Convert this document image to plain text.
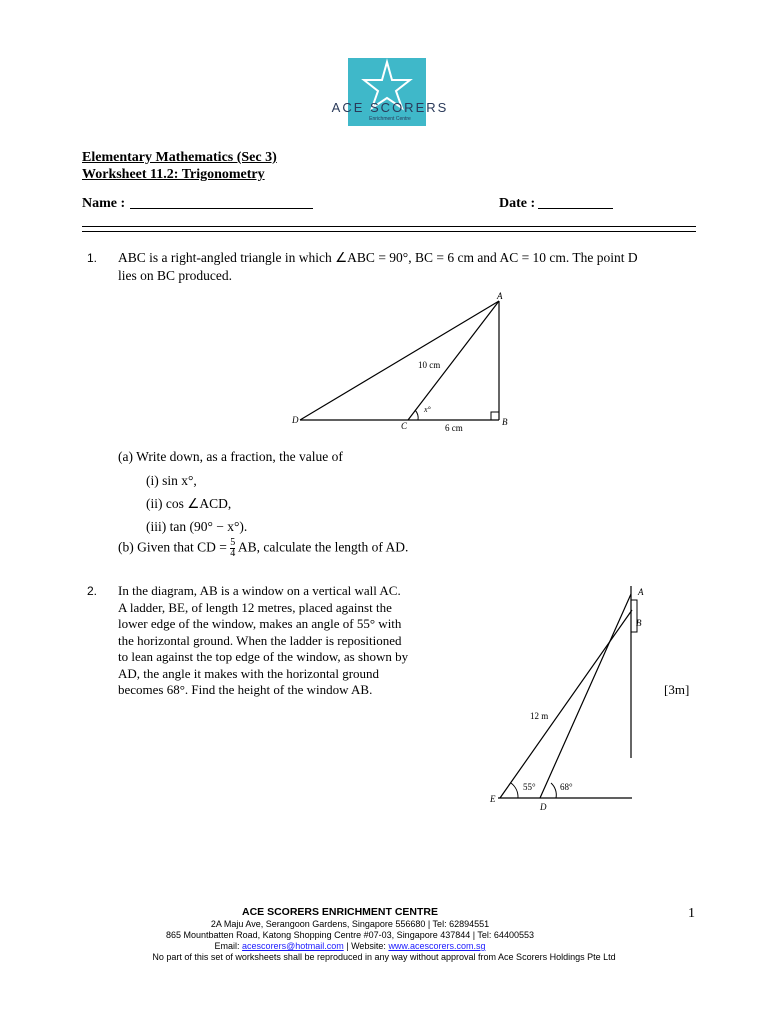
ACE SCORERS
Enrichment Centre
Elementary Mathematics (Sec 3)
Worksheet 11.2: Trigonometry
Name :	Date :
1. ABC is a right-angled triangle in which ∠ABC = 90°, BC = 6 cm and AC = 10 cm. The point D
lies on BC produced.
A
B
C
D
10 cm
6 cm
x°
(a) Write down, as a fraction, the value of
(i) sin x°,
(ii) cos ∠ACD,
(iii) tan (90° − x°).
(b) Given that CD = $\frac{5}{4}$ AB, calculate the length of AD.
2. In the diagram, AB is a window on a vertical wall AC.
A ladder, BE, of length 12 metres, placed against the
lower edge of the window, makes an angle of 55° with
the horizontal ground. When the ladder is repositioned
to lean against the top edge of the window, as shown by
AD, the angle it makes with the horizontal ground
becomes 68°. Find the height of the window AB.	[3m]
A
B
E
D
12 m
55°	68°
ACE SCORERS ENRICHMENT CENTRE	1
2A Maju Ave, Serangoon Gardens, Singapore 556680 | Tel: 62894551
865 Mountbatten Road, Katong Shopping Centre #07-03, Singapore 437844 | Tel: 64400553
Email: acescorers@hotmail.com | Website: www.acescorers.com.sg
No part of this set of worksheets shall be reproduced in any way without approval from Ace Scorers Holdings Pte Ltd
